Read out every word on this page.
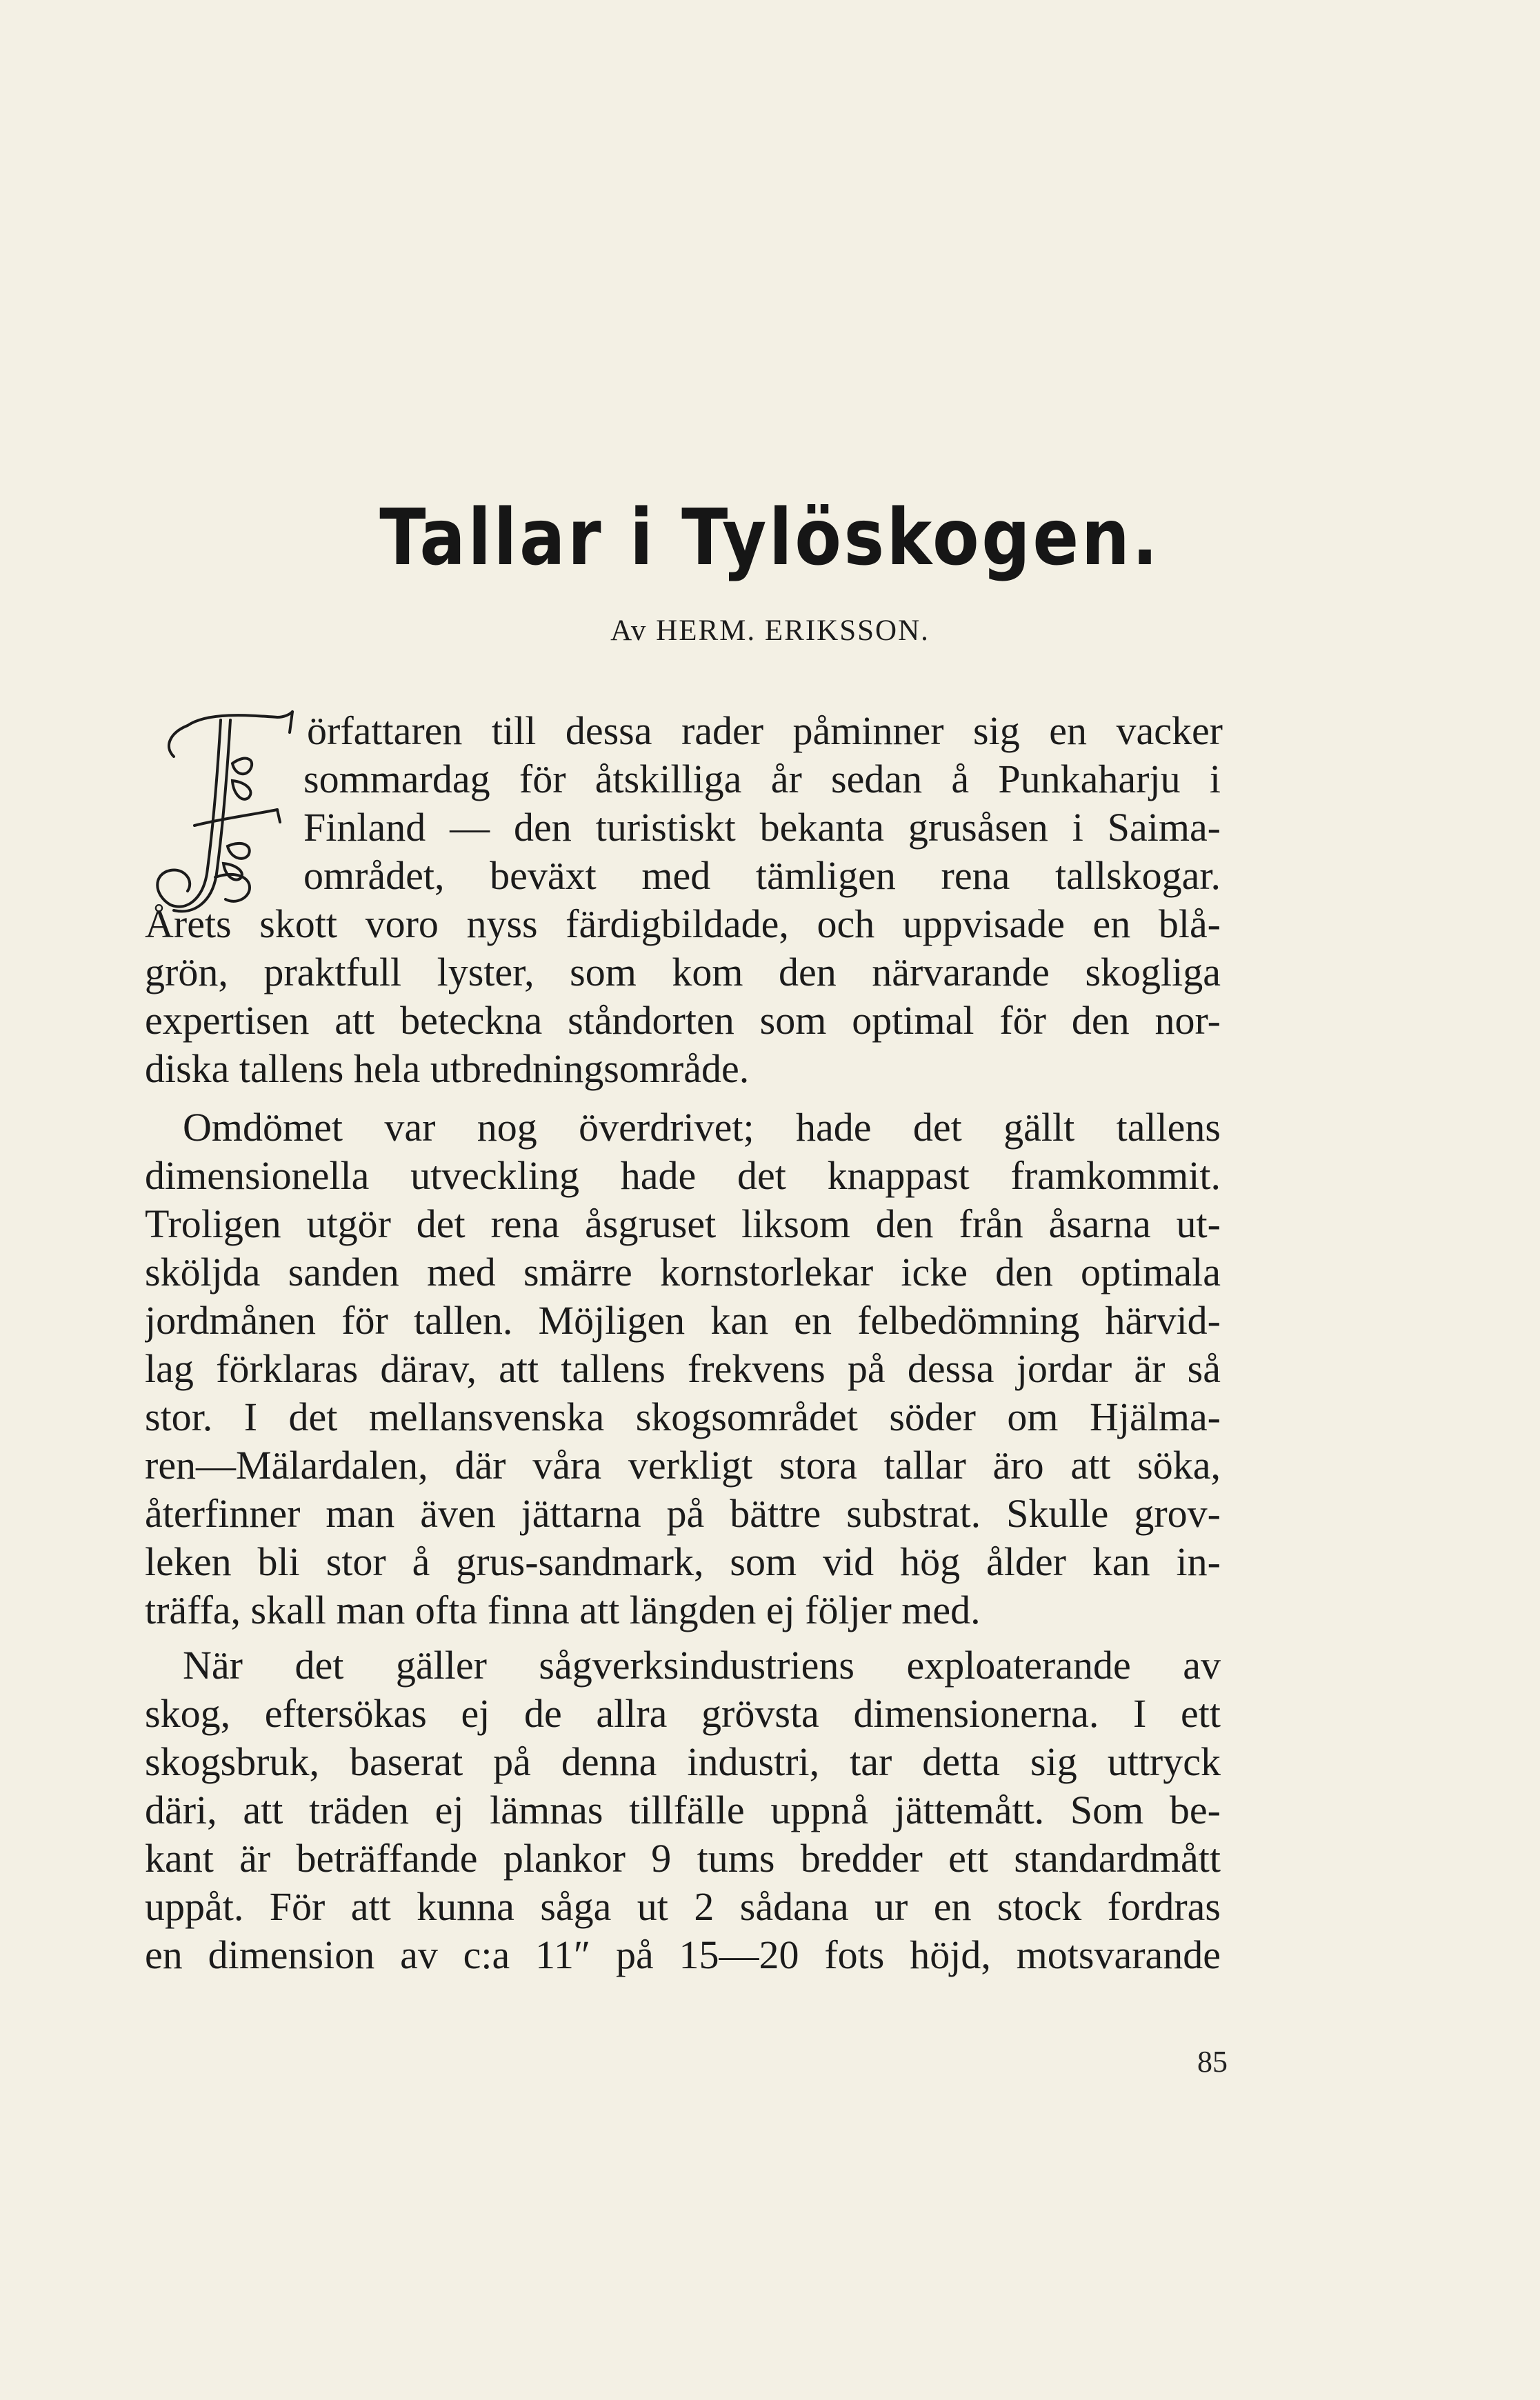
Tallar i Tylöskogen.
Av HERM. ERIKSSON.
örfattaren till dessa rader påminner sig en vacker
sommardag för åtskilliga år sedan å Punkaharju i
Finland — den turistiskt bekanta grusåsen i Saima-
området, beväxt med tämligen rena tallskogar.
Årets skott voro nyss färdigbildade, och uppvisade en blå-
grön, praktfull lyster, som kom den närvarande skogliga
expertisen att beteckna ståndorten som optimal för den nor-
diska tallens hela utbredningsområde.
Omdömet var nog överdrivet; hade det gällt tallens
dimensionella utveckling hade det knappast framkommit.
Troligen utgör det rena åsgruset liksom den från åsarna ut-
sköljda sanden med smärre kornstorlekar icke den optimala
jordmånen för tallen. Möjligen kan en felbedömning härvid-
lag förklaras därav, att tallens frekvens på dessa jordar är så
stor. I det mellansvenska skogsområdet söder om Hjälma-
ren—Mälardalen, där våra verkligt stora tallar äro att söka,
återfinner man även jättarna på bättre substrat. Skulle grov-
leken bli stor å grus-sandmark, som vid hög ålder kan in-
träffa, skall man ofta finna att längden ej följer med.
När det gäller sågverksindustriens exploaterande av
skog, eftersökas ej de allra grövsta dimensionerna. I ett
skogsbruk, baserat på denna industri, tar detta sig uttryck
däri, att träden ej lämnas tillfälle uppnå jättemått. Som be-
kant är beträffande plankor 9 tums bredder ett standardmått
uppåt. För att kunna såga ut 2 sådana ur en stock fordras
en dimension av c:a 11″ på 15—20 fots höjd, motsvarande
85
